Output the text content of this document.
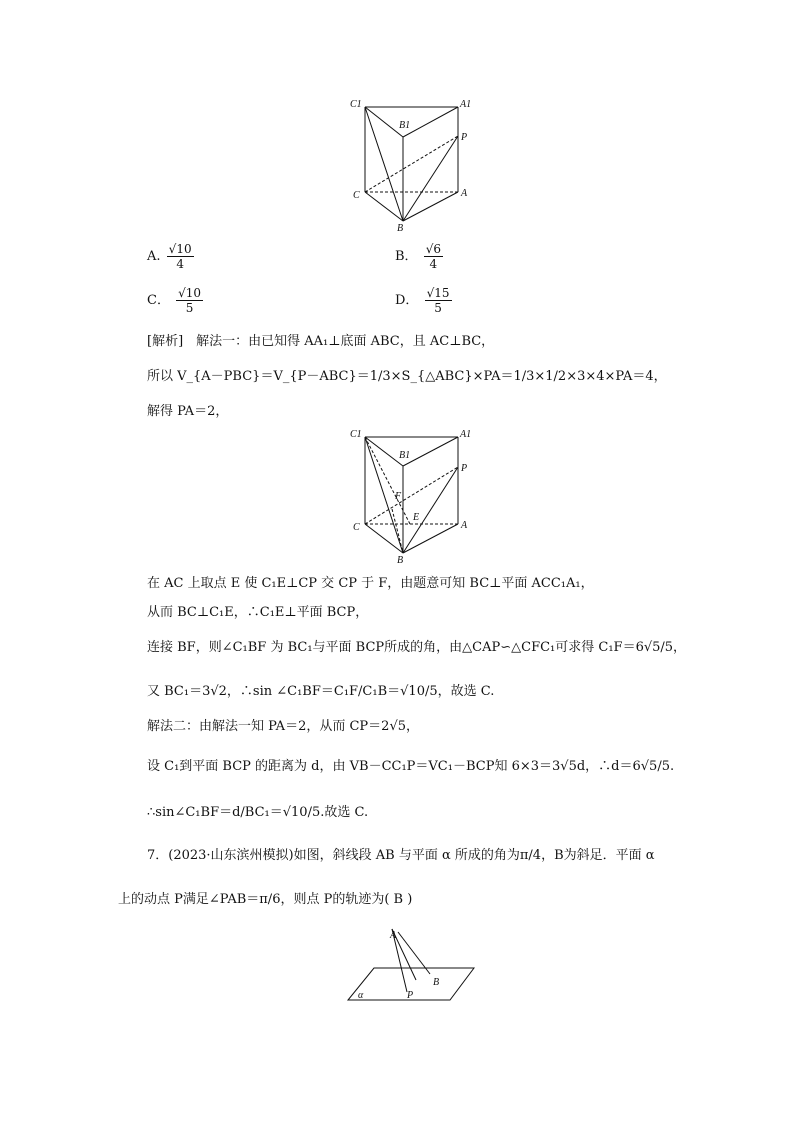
C1	A1
B1
P
C	A
B
A. $\frac{√10}{4}$	B． $\frac{√6}{4}$
C． $\frac{√10}{5}$	D． $\frac{√15}{5}$
[解析]　解法一：由已知得 AA₁⊥底面 ABC，且 AC⊥BC，
所以 V_{A－PBC}＝V_{P－ABC}＝1/3×S_{△ABC}×PA＝1/3×1/2×3×4×PA＝4，
解得 PA＝2，
C1	A1
B1
P
F
E
C	A
B
在 AC 上取点 E 使 C₁E⊥CP 交 CP 于 F，由题意可知 BC⊥平面 ACC₁A₁，
从而 BC⊥C₁E，∴C₁E⊥平面 BCP，
连接 BF，则∠C₁BF 为 BC₁与平面 BCP所成的角，由△CAP∽△CFC₁可求得 C₁F＝6√5/5，
又 BC₁＝3√2，∴sin ∠C₁BF＝C₁F/C₁B＝√10/5，故选 C.
解法二：由解法一知 PA＝2，从而 CP＝2√5，
设 C₁到平面 BCP 的距离为 d，由 VB－CC₁P＝VC₁－BCP知 6×3＝3√5d，∴d＝6√5/5.
∴sin∠C₁BF＝d/BC₁＝√10/5.故选 C.
7．(2023·山东滨州模拟)如图，斜线段 AB 与平面 α 所成的角为π/4，B为斜足．平面 α
上的动点 P满足∠PAB＝π/6，则点 P的轨迹为( B )
A
B
P
α
